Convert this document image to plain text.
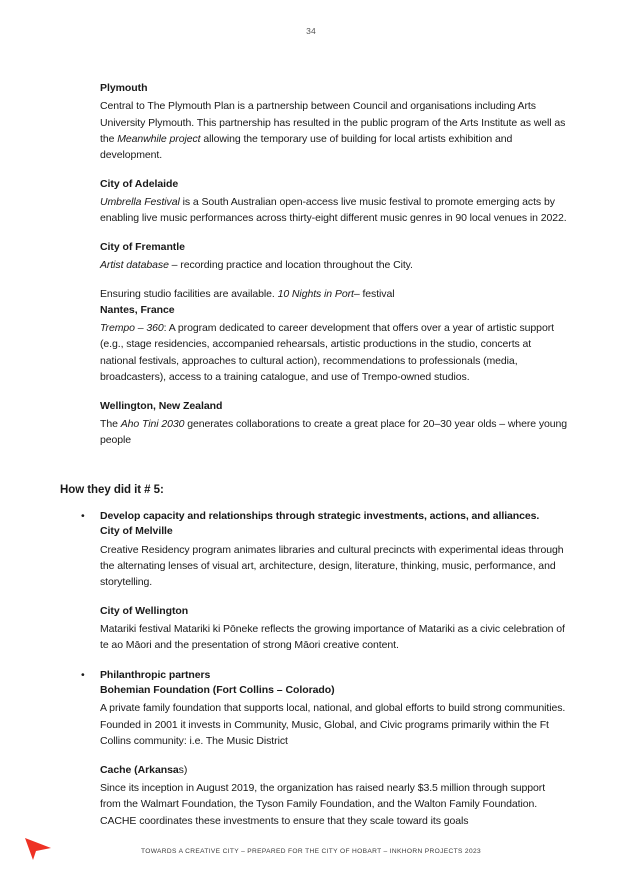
34
Plymouth

Central to The Plymouth Plan is a partnership between Council and organisations including Arts University Plymouth. This partnership has resulted in the public program of the Arts Institute as well as the Meanwhile project allowing the temporary use of building for local artists exhibition and development.

City of Adelaide

Umbrella Festival is a South Australian open-access live music festival to promote emerging acts by enabling live music performances across thirty-eight different music genres in 90 local venues in 2022.

City of Fremantle

Artist database – recording practice and location throughout the City.

Ensuring studio facilities are available. 10 Nights in Port– festival

Nantes, France

Trempo – 360: A program dedicated to career development that offers over a year of artistic support (e.g., stage residencies, accompanied rehearsals, artistic productions in the studio, concerts at national festivals, approaches to cultural action), recommendations to professionals (media, broadcasters), access to a training catalogue, and use of Trempo-owned studios.

Wellington, New Zealand

The Aho Tini 2030 generates collaborations to create a great place for 20–30 year olds – where young people

How they did it # 5:
• Develop capacity and relationships through strategic investments, actions, and alliances.

City of Melville

Creative Residency program animates libraries and cultural precincts with experimental ideas through the alternating lenses of visual art, architecture, design, literature, thinking, music, performance, and storytelling.

City of Wellington

Matariki festival Matariki ki Pōneke reflects the growing importance of Matariki as a civic celebration of te ao Māori and the presentation of strong Māori creative content.

• Philanthropic partners

Bohemian Foundation (Fort Collins – Colorado)

A private family foundation that supports local, national, and global efforts to build strong communities. Founded in 2001 it invests in Community, Music, Global, and Civic programs primarily within the Ft Collins community: i.e. The Music District

Cache (Arkansas)

Since its inception in August 2019, the organization has raised nearly $3.5 million through support from the Walmart Foundation, the Tyson Family Foundation, and the Walton Family Foundation. CACHE coordinates these investments to ensure that they scale toward its goals

TOWARDS A CREATIVE CITY – PREPARED FOR THE CITY OF HOBART – INKHORN PROJECTS 2023
